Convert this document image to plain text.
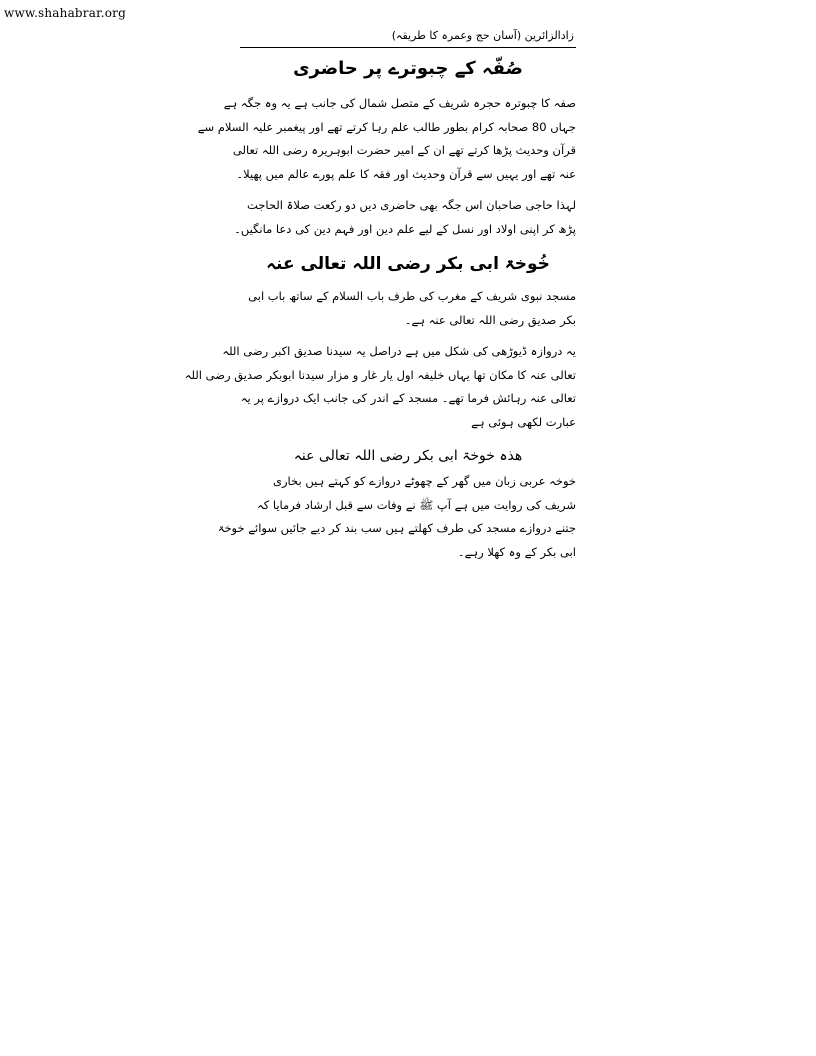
www.shahabrar.org
زادالزائرین (آسان حج وعمرہ کا طریقہ)
صُفّہ کے چبوترے پر حاضری

صفہ کا چبوترہ حجرہ شریف کے متصل شمال کی جانب ہے یہ وہ جگہ ہے
جہاں 80 صحابہ کرام بطور طالب علم رہا کرتے تھے اور پیغمبر علیہ السلام سے
قرآن وحدیث پڑھا کرتے تھے ان کے امیر حضرت ابوہریرہ رضی اللہ تعالی
عنہ تھے اور یہیں سے قرآن وحدیث اور فقہ کا علم پورے عالم میں پھیلا۔

لہذا حاجی صاحبان اس جگہ بھی حاضری دیں دو رکعت صلاۃ الحاجت
پڑھ کر اپنی اولاد اور نسل کے لیے علم دین اور فہم دین کی دعا مانگیں۔

خُوخۃ ابی بکر رضی اللہ تعالی عنہ

مسجد نبوی شریف کے مغرب کی طرف باب السلام کے ساتھ باب ابی
بکر صدیق رضی اللہ تعالی عنہ ہے۔

یہ دروازہ ڈیوڑھی کی شکل میں ہے دراصل یہ سیدنا صدیق اکبر رضی اللہ
تعالی عنہ کا مکان تھا یہاں خلیفہ اول یار غار و مزار سیدنا ابوبکر صدیق رضی اللہ
تعالی عنہ رہائش فرما تھے۔ مسجد کے اندر کی جانب ایک دروازے پر یہ
عبارت لکھی ہوئی ہے

ھذہ خوخۃ ابی بکر رضی اللہ تعالی عنہ

خوخہ عربی زبان میں گھر کے چھوٹے دروازے کو کہتے ہیں بخاری
شریف کی روایت میں ہے آپ ﷺ نے وفات سے قبل ارشاد فرمایا کہ
جتنے دروازے مسجد کی طرف کھلتے ہیں سب بند کر دیے جائیں سوائے خوخۃ
ابی بکر کے وہ کھلا رہے۔
